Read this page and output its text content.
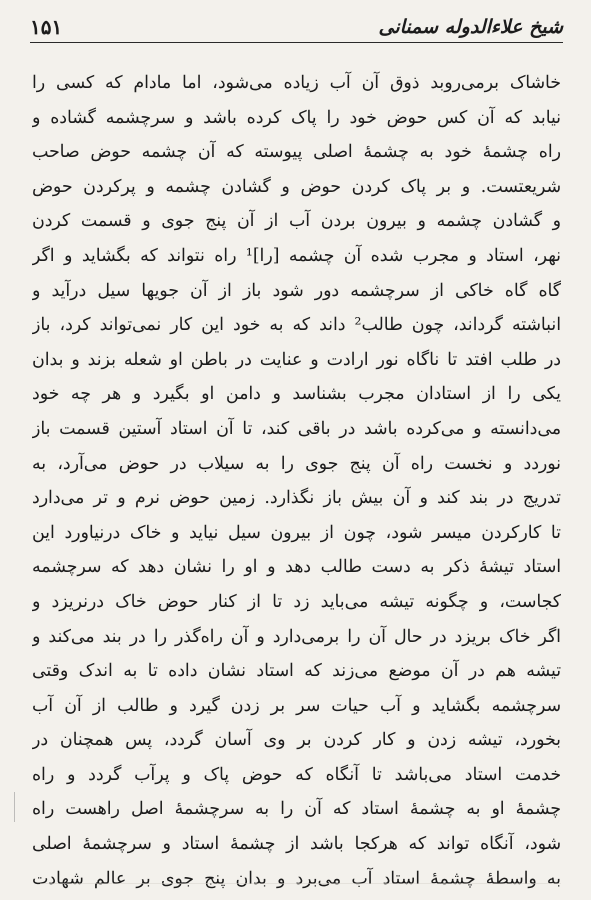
شیخ علاءالدوله سمنانی
۱۵۱
خاشاک برمی‌روبد ذوق آن آب زیاده می‌شود، اما مادام که کسی را
نیابد که آن کس حوض خود را پاک کرده باشد و سرچشمه گشاده و
راه چشمهٔ خود به چشمهٔ اصلی پیوسته که آن چشمه حوض صاحب
شریعتست. و بر پاک کردن حوض و گشادن چشمه و پرکردن حوض
و گشادن چشمه و بیرون بردن آب از آن پنج جوی و قسمت کردن
نهر، استاد و مجرب شده آن چشمه [را]¹ راه نتواند که بگشاید و اگر
گاه گاه خاکی از سرچشمه دور شود باز از آن جویها سیل درآید و
انباشته گرداند، چون طالب² داند که به خود این کار نمی‌تواند کرد، باز
در طلب افتد تا ناگاه نور ارادت و عنایت در باطن او شعله بزند و بدان
یکی را از استادان مجرب بشناسد و دامن او بگیرد و هر چه خود
می‌دانسته و می‌کرده باشد در باقی کند، تا آن استاد آستین قسمت باز
نوردد و نخست راه آن پنج جوی را به سیلاب در حوض می‌آرد، به
تدریج در بند کند و آن بیش باز نگذارد. زمین حوض نرم و تر می‌دارد
تا کارکردن میسر شود، چون از بیرون سیل نیاید و خاک درنیاورد این
استاد تیشهٔ ذکر به دست طالب دهد و او را نشان دهد که سرچشمه
کجاست، و چگونه تیشه می‌باید زد تا از کنار حوض خاک درنریزد و
اگر خاک بریزد در حال آن را برمی‌دارد و آن راه‌گذر را در بند می‌کند و
تیشه هم در آن موضع می‌زند که استاد نشان داده تا به اندک وقتی
سرچشمه بگشاید و آب حیات سر بر زدن گیرد و طالب از آن آب
بخورد، تیشه زدن و کار کردن بر وی آسان گردد، پس همچنان در
خدمت استاد می‌باشد تا آنگاه که حوض پاک و پرآب گردد و راه
چشمهٔ او به چشمهٔ استاد که آن را به سرچشمهٔ اصل راهست راه
شود، آنگاه تواند که هرکجا باشد از چشمهٔ استاد و سرچشمهٔ اصلی
به واسطهٔ چشمهٔ استاد آب می‌برد و بدان پنج جوی بر عالم شهادت
